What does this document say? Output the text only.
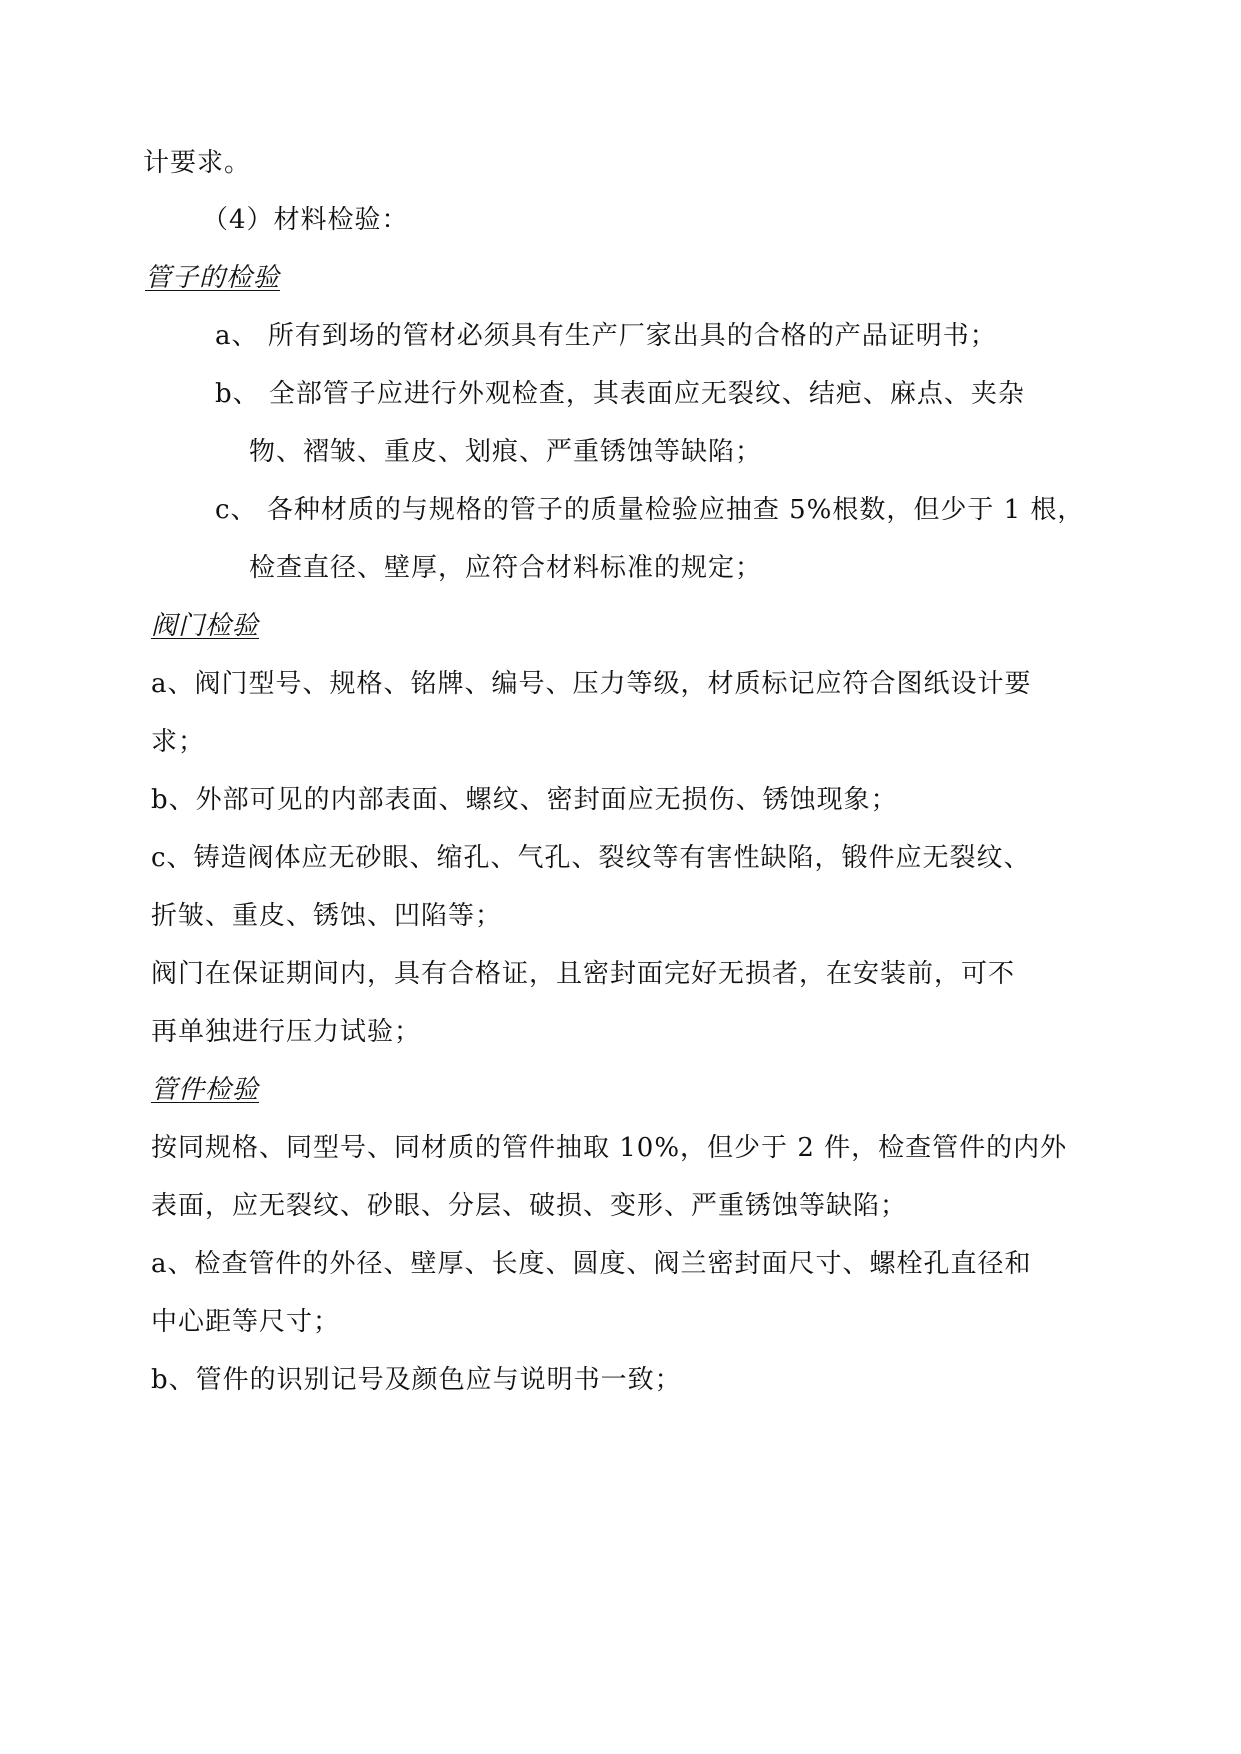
计要求。
（4）材料检验：
管子的检验
a、 所有到场的管材必须具有生产厂家出具的合格的产品证明书；
b、 全部管子应进行外观检查，其表面应无裂纹、结疤、麻点、夹杂
物、褶皱、重皮、划痕、严重锈蚀等缺陷；
c、 各种材质的与规格的管子的质量检验应抽查 5%根数，但少于 1 根，
检查直径、壁厚，应符合材料标准的规定；
阀门检验
a、阀门型号、规格、铭牌、编号、压力等级，材质标记应符合图纸设计要
求；
b、外部可见的内部表面、螺纹、密封面应无损伤、锈蚀现象；
c、铸造阀体应无砂眼、缩孔、气孔、裂纹等有害性缺陷，锻件应无裂纹、
折皱、重皮、锈蚀、凹陷等；
阀门在保证期间内，具有合格证，且密封面完好无损者，在安装前，可不
再单独进行压力试验；
管件检验
按同规格、同型号、同材质的管件抽取 10%，但少于 2 件，检查管件的内外
表面，应无裂纹、砂眼、分层、破损、变形、严重锈蚀等缺陷；
a、检查管件的外径、壁厚、长度、圆度、阀兰密封面尺寸、螺栓孔直径和
中心距等尺寸；
b、管件的识别记号及颜色应与说明书一致；
